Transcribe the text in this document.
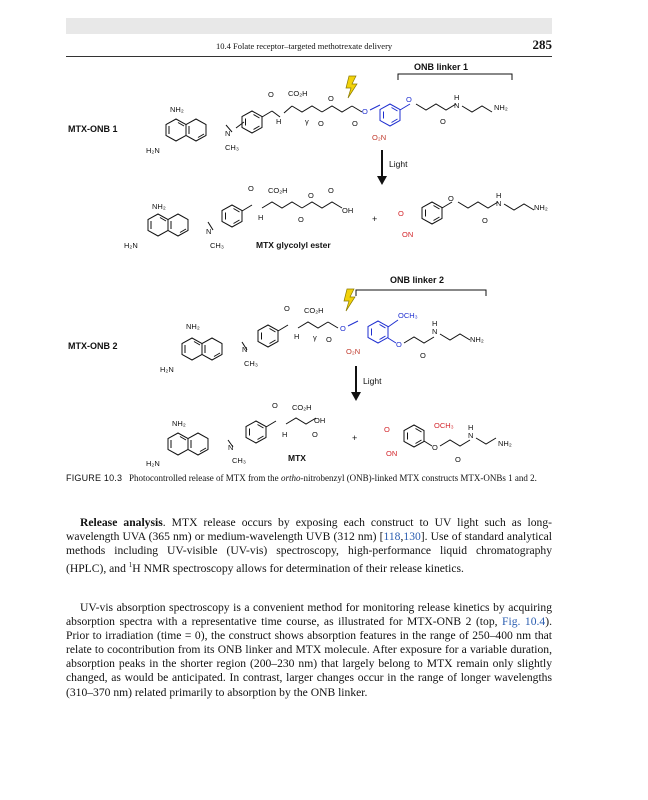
10.4 Folate receptor–targeted methotrexate delivery	285
MTX-ONB 1
NH₂
H₂N
N
CH₃
O
H
CO₂H
γ O
O
O
O
O₂N
O
O
H
N	NH₂
ONB linker 1
Light
NH₂
H₂N
N
CH₃
O
H
CO₂H
O
O
O
OH
MTX glycolyl ester
+
O
ON
O
O
H
N	NH₂
MTX-ONB 2
NH₂
H₂N
N
CH₃
O
H
CO₂H
γ O
O
O₂N
OCH₃
O
O
H
N
NH₂
ONB linker 2
Light
NH₂
H₂N
N
CH₃
O
H
CO₂H
O
OH
MTX
+
O
ON
OCH₃
O
O
H
N
NH₂
FIGURE 10.3 Photocontrolled release of MTX from the ortho-nitrobenzyl (ONB)-linked MTX constructs MTX-ONBs 1 and 2.
Release analysis. MTX release occurs by exposing each construct to UV light such as long-wavelength UVA (365 nm) or medium-wavelength UVB (312 nm) [118,130]. Use of standard analytical methods including UV-visible (UV-vis) spectroscopy, high-performance liquid chromatography (HPLC), and $^1$H NMR spectroscopy allows for determination of their release kinetics.
UV-vis absorption spectroscopy is a convenient method for monitoring release kinetics by acquiring absorption spectra with a representative time course, as illustrated for MTX-ONB 2 (top, Fig. 10.4). Prior to irradiation (time = 0), the construct shows absorption features in the range of 250–400 nm that relate to cocontribution from its ONB linker and MTX molecule. After exposure for a variable duration, absorption peaks in the shorter region (200–230 nm) that largely belong to MTX remain only slightly changed, as would be anticipated. In contrast, larger changes occur in the range of longer wavelengths (310–370 nm) related primarily to absorption by the ONB linker.
